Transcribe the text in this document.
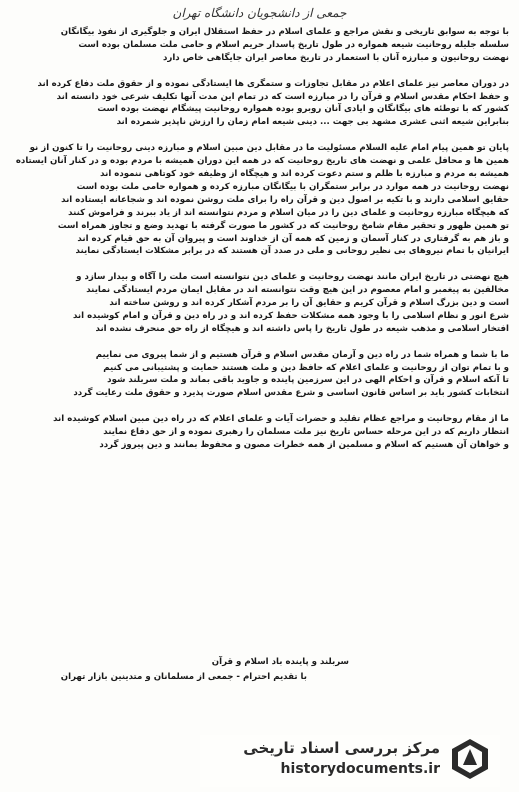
جمعی از دانشجویان دانشگاه تهران
با توجه به سوابق تاریخی و نقش مراجع و علمای اسلام در حفظ استقلال ایران و جلوگیری از نفوذ بیگانگان
سلسله جلیله روحانیت شیعه همواره در طول تاریخ پاسدار حریم اسلام و حامی ملت مسلمان بوده است
نهضت روحانیون و مبارزه آنان با استعمار در تاریخ معاصر ایران جایگاهی خاص دارد

در دوران معاصر نیز علمای اعلام در مقابل تجاوزات و ستمگری ها ایستادگی نموده و از حقوق ملت دفاع کرده اند
و حفظ احکام مقدس اسلام و قرآن را در مبارزه است که در تمام این مدت آنها تکلیف شرعی خود دانسته اند
کشور که با توطئه های بیگانگان و ایادی آنان روبرو بوده همواره روحانیت پیشگام نهضت بوده است
بنابراین شیعه اثنی عشری مشهد بی جهت ... دینی شیعه امام زمان را ارزش ناپذیر شمرده اند

پایان تو همین پیام امام علیه السلام مسئولیت ما در مقابل دین مبین اسلام و مبارزه دینی روحانیت را تا کنون از نو
همین ها و محافل علمی و نهضت های تاریخ روحانیت که در همه این دوران همیشه با مردم بوده و در کنار آنان ایستاده
همیشه به مردم و مبارزه با ظلم و ستم دعوت کرده اند و هیچگاه از وظیفه خود کوتاهی ننموده اند
نهضت روحانیت در همه موارد در برابر ستمگران با بیگانگان مبارزه کرده و همواره حامی ملت بوده است
حقایق اسلامی دارند و با تکیه بر اصول دین و قرآن راه را برای ملت روشن نموده اند و شجاعانه ایستاده اند
که هیچگاه مبارزه روحانیت و علمای دین را در میان اسلام و مردم نتوانسته اند از یاد ببرند و فراموش کنند
تو همین ظهور و تحقیر مقام شامخ روحانیت که در کشور ما صورت گرفته با تهدید وضع و تجاوز همراه است
و باز هم به گرفتاری در کنار آسمان و زمین که همه آن از خداوند است و پیروان آن به حق قیام کرده اند
ایرانیان با تمام نیروهای بی نظیر روحانی و ملی در صدد آن هستند که در برابر مشکلات ایستادگی نمایند

هیچ نهضتی در تاریخ ایران مانند نهضت روحانیت و علمای دین نتوانسته است ملت را آگاه و بیدار سازد و
مخالفین به پیغمبر و امام معصوم در این هیچ وقت نتوانسته اند در مقابل ایمان مردم ایستادگی نمایند
است و دین بزرگ اسلام و قرآن کریم و حقایق آن را بر مردم آشکار کرده اند و روشن ساخته اند
شرع انور و نظام اسلامی را با وجود همه مشکلات حفظ کرده اند و در راه دین و قرآن و امام کوشیده اند
افتخار اسلامی و مذهب شیعه در طول تاریخ را پاس داشته اند و هیچگاه از راه حق منحرف نشده اند

ما با شما و همراه شما در راه دین و آرمان مقدس اسلام و قرآن هستیم و از شما پیروی می نماییم
و با تمام توان از روحانیت و علمای اعلام که حافظ دین و ملت هستند حمایت و پشتیبانی می کنیم
تا آنکه اسلام و قرآن و احکام الهی در این سرزمین پاینده و جاوید باقی بماند و ملت سربلند شود
انتخابات کشور باید بر اساس قانون اساسی و شرع مقدس اسلام صورت پذیرد و حقوق ملت رعایت گردد

ما از مقام روحانیت و مراجع عظام تقلید و حضرات آیات و علمای اعلام که در راه دین مبین اسلام کوشیده اند
انتظار داریم که در این مرحله حساس تاریخ نیز ملت مسلمان را رهبری نموده و از حق دفاع نمایند
و خواهان آن هستیم که اسلام و مسلمین از همه خطرات مصون و محفوظ بمانند و دین پیروز گردد
سربلند و پاینده باد اسلام و قرآن
با تقدیم احترام - جمعی از مسلمانان و متدینین بازار تهران
مرکز بررسی اسناد تاریخی
historydocuments.ir
